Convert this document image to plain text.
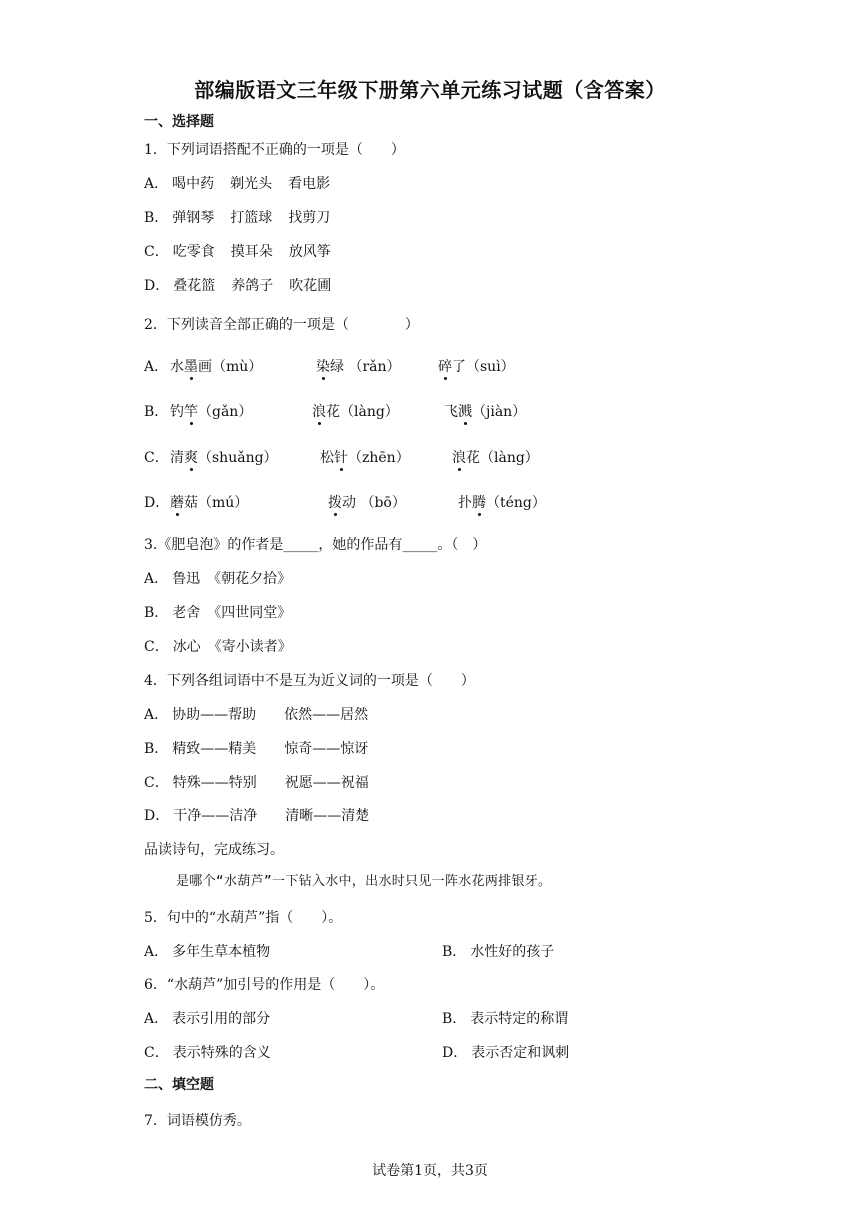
部编版语文三年级下册第六单元练习试题（含答案）
一、选择题
1．下列词语搭配不正确的一项是（　　）
A． 喝中药 剃光头 看电影
B． 弹钢琴 打篮球 找剪刀
C． 吃零食 摸耳朵 放风筝
D． 叠花篮 养鸽子 吹花圃
2．下列读音全部正确的一项是（　　　　）
A． 水墨画（mù）	染绿 （rǎn）	碎了（suì）
B． 钓竿（gǎn）	浪花（làng）	飞溅（jiàn）
C． 清爽（shuǎng）	松针（zhēn）	浪花（làng）
D． 蘑菇（mú）	拨动 （bō）	扑腾（téng）
3.《肥皂泡》的作者是_____，她的作品有_____。（　）
A． 鲁迅　《朝花夕拾》
B． 老舍　《四世同堂》
C． 冰心　《寄小读者》
4．下列各组词语中不是互为近义词的一项是（　　）
A． 协助——帮助 依然——居然
B． 精致——精美 惊奇——惊讶
C． 特殊——特别 祝愿——祝福
D． 干净——洁净 清晰——清楚
品读诗句，完成练习。
是哪个“水葫芦”一下钻入水中，出水时只见一阵水花两排银牙。
5．句中的“水葫芦”指（　　）。
A． 多年生草本植物	B． 水性好的孩子
6．“水葫芦”加引号的作用是（　　）。
A． 表示引用的部分	B． 表示特定的称谓
C． 表示特殊的含义	D． 表示否定和讽刺
二、填空题
7．词语模仿秀。
试卷第1页，共3页
